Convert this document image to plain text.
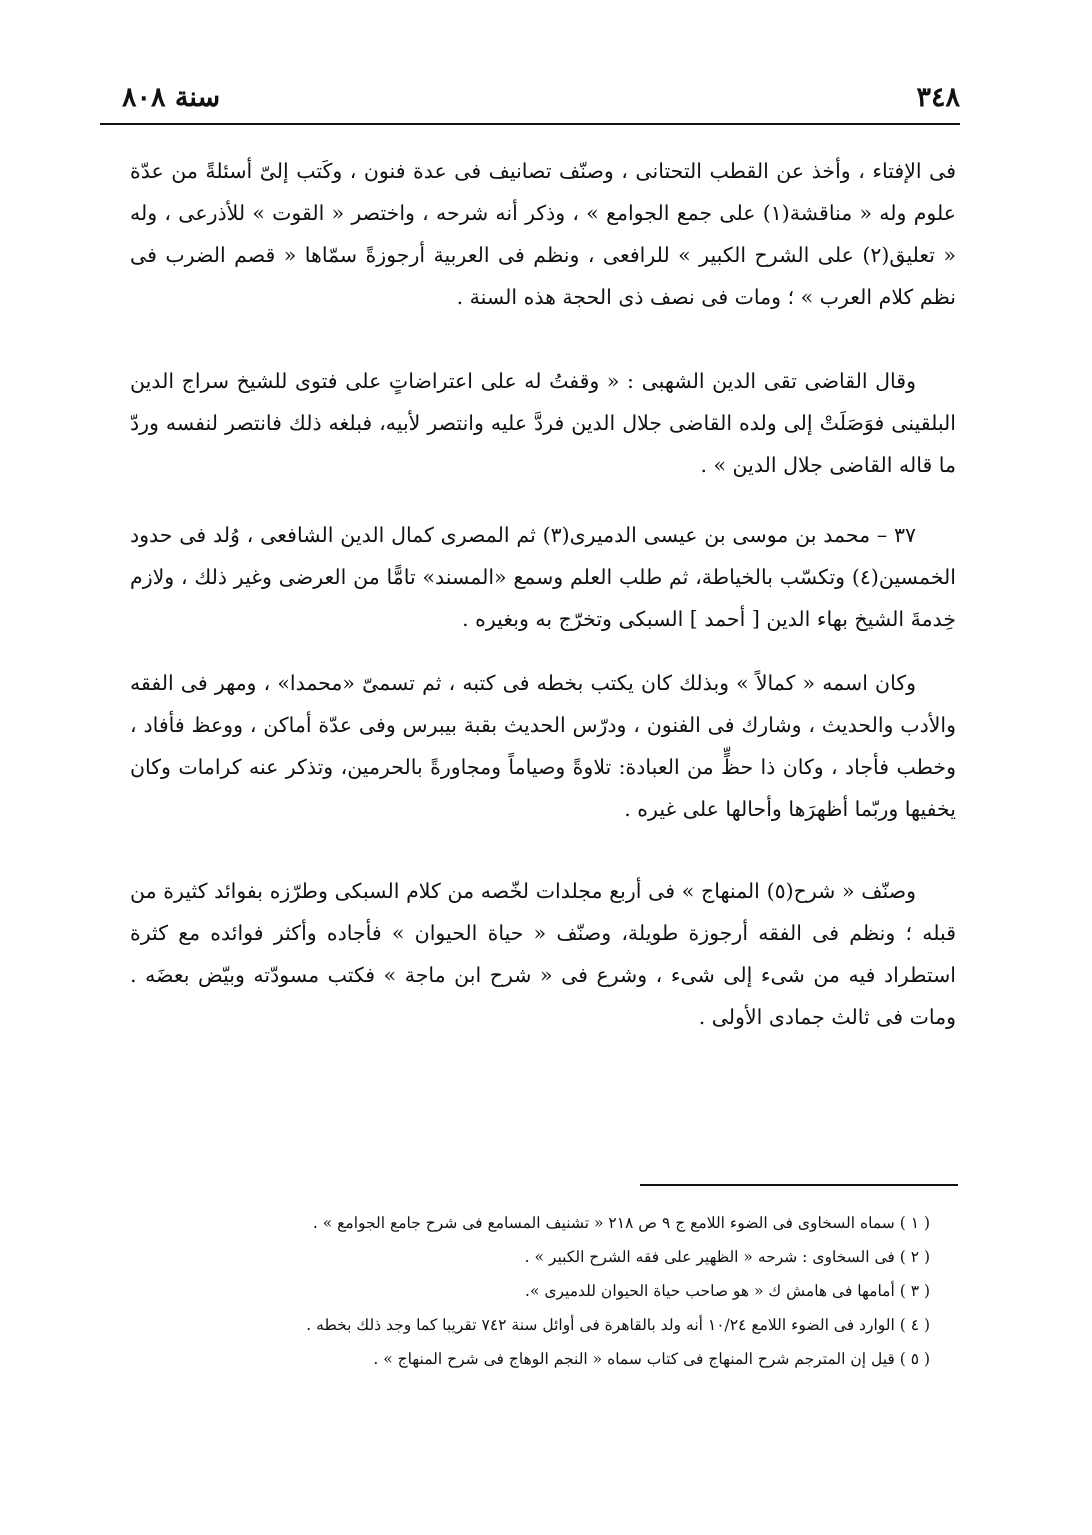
٣٤٨
سنة ٨٠٨

فى الإفتاء ، وأخذ عن القطب التحتانى ، وصنّف تصانيف فى عدة فنون ، وكَتب إلىّ أسئلةً من عدّة علوم وله « مناقشة(١) على جمع الجوامع » ، وذكر أنه شرحه ، واختصر « القوت » للأذرعى ، وله « تعليق(٢) على الشرح الكبير » للرافعى ، ونظم فى العربية أرجوزةً سمّاها « قصم الضرب فى نظم كلام العرب » ؛ ومات فى نصف ذى الحجة هذه السنة .

وقال القاضى تقى الدين الشهبى : « وقفتُ له على اعتراضاتٍ على فتوى للشيخ سراج الدين البلقينى فوَصَلَتْ إلى ولده القاضى جلال الدين فردَّ عليه وانتصر لأبيه، فبلغه ذلك فانتصر لنفسه وردّ ما قاله القاضى جلال الدين » .

٣٧ – محمد بن موسى بن عيسى الدميرى(٣) ثم المصرى كمال الدين الشافعى ، وُلد فى حدود الخمسين(٤) وتكسّب بالخياطة، ثم طلب العلم وسمع «المسند» تامًّا من العرضى وغير ذلك ، ولازم خِدمةَ الشيخ بهاء الدين [ أحمد ] السبكى وتخرّج به وبغيره .

وكان اسمه « كمالاً » وبذلك كان يكتب بخطه فى كتبه ، ثم تسمىّ «محمدا» ، ومهر فى الفقه والأدب والحديث ، وشارك فى الفنون ، ودرّس الحديث بقبة بيبرس وفى عدّة أماكن ، ووعظ فأفاد ، وخطب فأجاد ، وكان ذا حظٍّ من العبادة: تلاوةً وصياماً ومجاورةً بالحرمين، وتذكر عنه كرامات وكان يخفيها وربّما أظهرَها وأحالها على غيره .

وصنّف « شرح(٥) المنهاج » فى أربع مجلدات لخّصه من كلام السبكى وطرّزه بفوائد كثيرة من قبله ؛ ونظم فى الفقه أرجوزة طويلة، وصنّف « حياة الحيوان » فأجاده وأكثر فوائده مع كثرة استطراد فيه من شىء إلى شىء ، وشرع فى « شرح ابن ماجة » فكتب مسودّته وبيّض بعضَه . ومات فى ثالث جمادى الأولى .

( ١ ) سماه السخاوى فى الضوء اللامع ج ٩ ص ٢١٨ « تشنيف المسامع فى شرح جامع الجوامع » .
( ٢ ) فى السخاوى : شرحه « الظهير على فقه الشرح الكبير » .
( ٣ ) أمامها فى هامش ك « هو صاحب حياة الحيوان للدميرى ».
( ٤ ) الوارد فى الضوء اللامع ١٠/٢٤ أنه ولد بالقاهرة فى أوائل سنة ٧٤٢ تقريبا كما وجد ذلك بخطه .
( ٥ ) قيل إن المترجم شرح المنهاج فى كتاب سماه « النجم الوهاج فى شرح المنهاج » .
